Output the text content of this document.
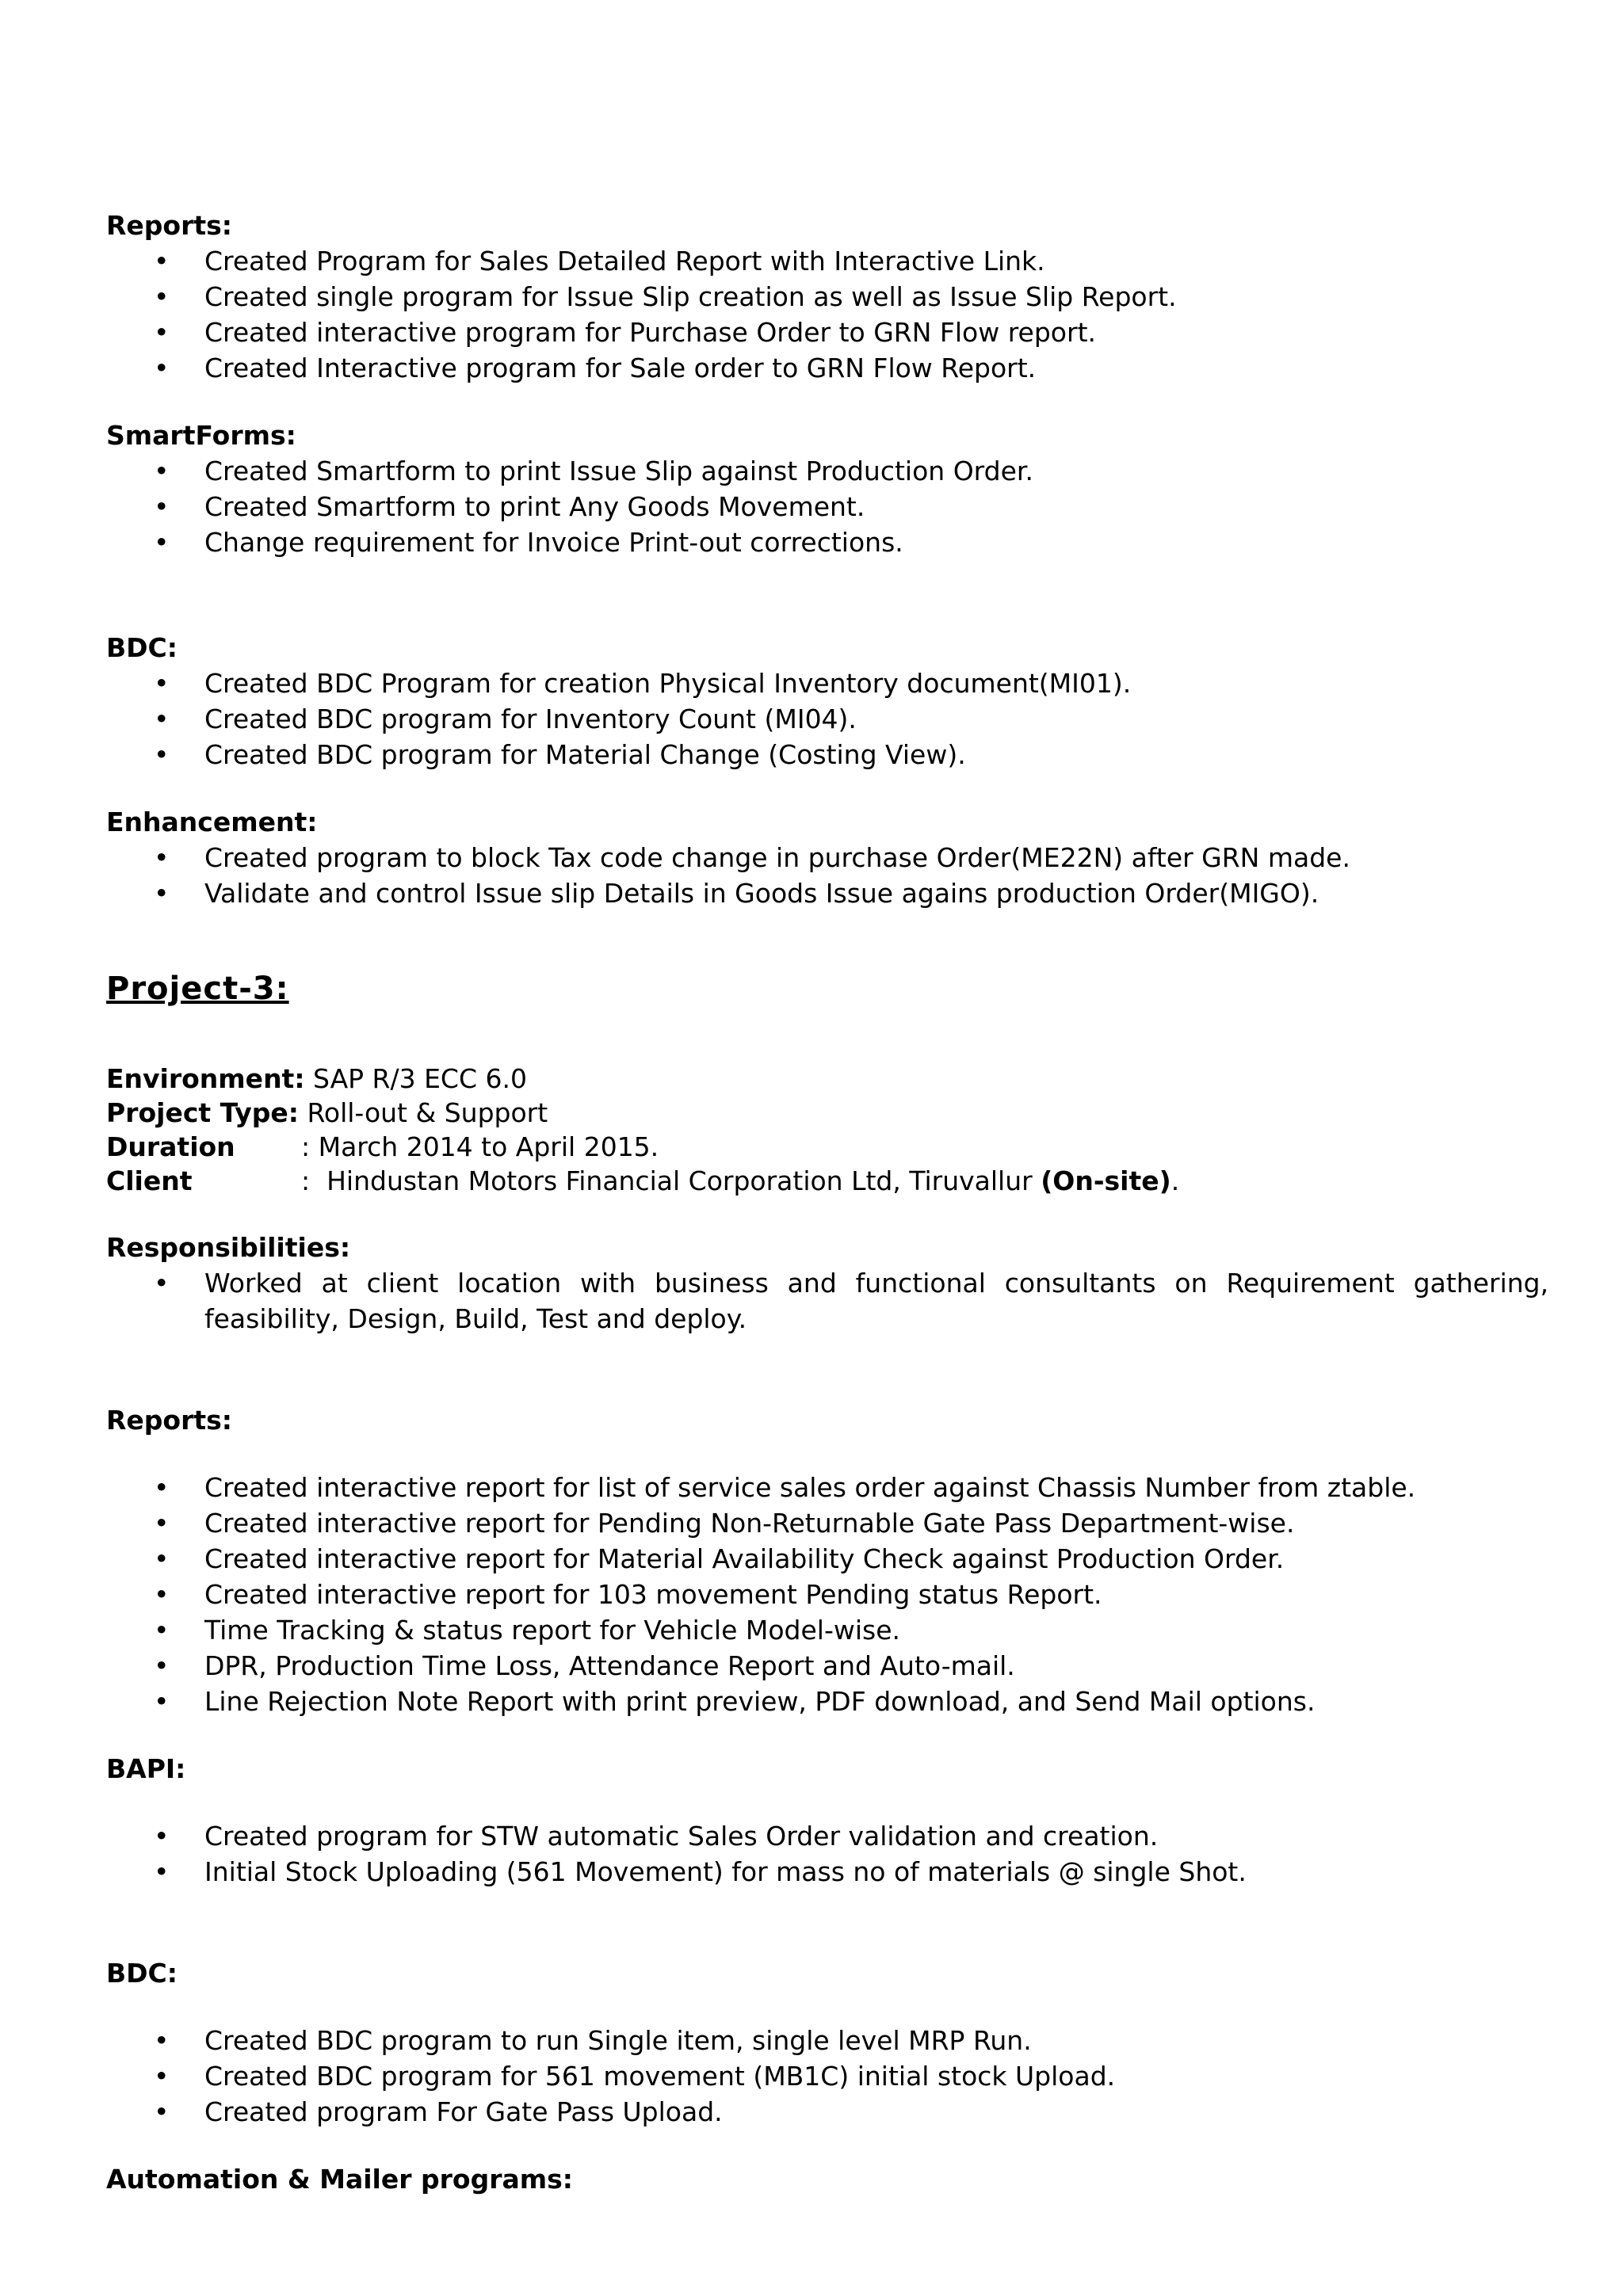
Reports:

• Created Program for Sales Detailed Report with Interactive Link.
• Created single program for Issue Slip creation as well as Issue Slip Report.
• Created interactive program for Purchase Order to GRN Flow report.
• Created Interactive program for Sale order to GRN Flow Report.

SmartForms:

• Created Smartform to print Issue Slip against Production Order.
• Created Smartform to print Any Goods Movement.
• Change requirement for Invoice Print-out corrections.

BDC:

• Created BDC Program for creation Physical Inventory document(MI01).
• Created BDC program for Inventory Count (MI04).
• Created BDC program for Material Change (Costing View).

Enhancement:

• Created program to block Tax code change in purchase Order(ME22N) after GRN made.
• Validate and control Issue slip Details in Goods Issue agains production Order(MIGO).

Project-3:

Environment: SAP R/3 ECC 6.0
Project Type: Roll-out & Support
Duration	: March 2014 to April 2015.
Client	:  Hindustan Motors Financial Corporation Ltd, Tiruvallur (On-site).

Responsibilities:

• Worked at client location with business and functional consultants on Requirement gathering, feasibility, Design, Build, Test and deploy.

Reports:

• Created interactive report for list of service sales order against Chassis Number from ztable.
• Created interactive report for Pending Non-Returnable Gate Pass Department-wise.
• Created interactive report for Material Availability Check against Production Order.
• Created interactive report for 103 movement Pending status Report.
• Time Tracking & status report for Vehicle Model-wise.
• DPR, Production Time Loss, Attendance Report and Auto-mail.
• Line Rejection Note Report with print preview, PDF download, and Send Mail options.

BAPI:

• Created program for STW automatic Sales Order validation and creation.
• Initial Stock Uploading (561 Movement) for mass no of materials @ single Shot.

BDC:

• Created BDC program to run Single item, single level MRP Run.
• Created BDC program for 561 movement (MB1C) initial stock Upload.
• Created program For Gate Pass Upload.

Automation & Mailer programs:
